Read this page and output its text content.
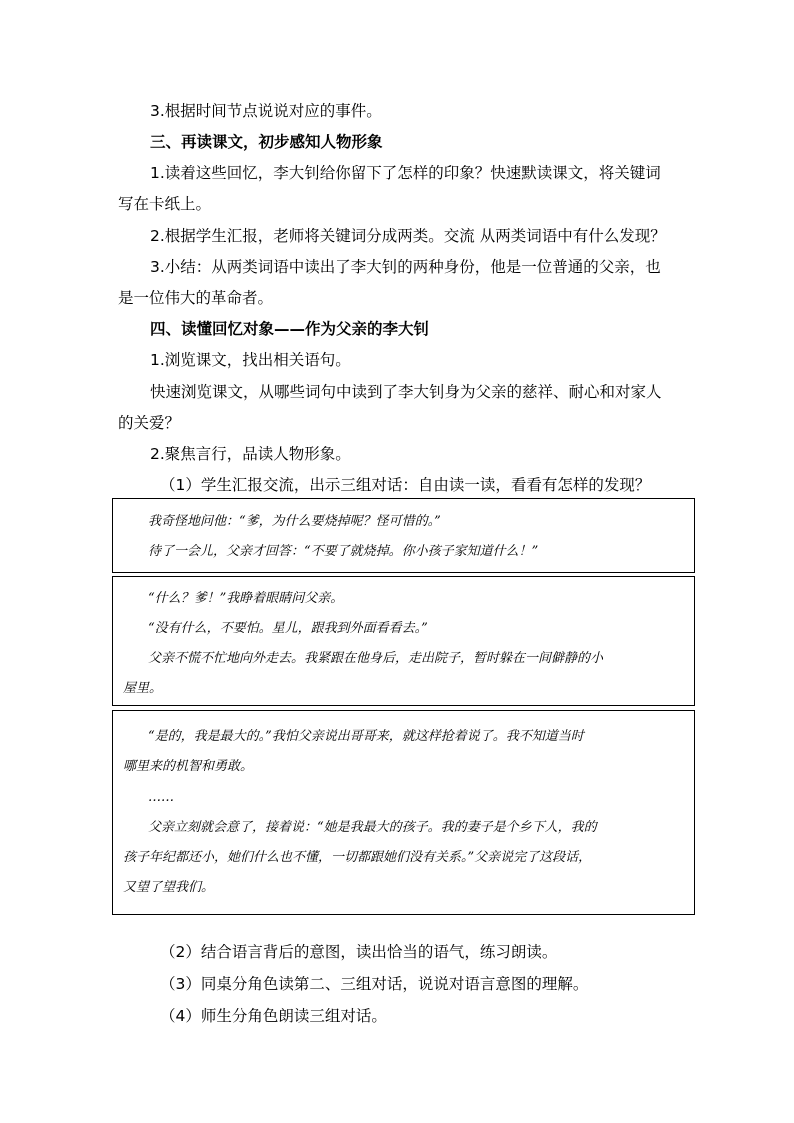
3.根据时间节点说说对应的事件。
三、再读课文，初步感知人物形象
1.读着这些回忆，李大钊给你留下了怎样的印象？快速默读课文，将关键词
写在卡纸上。
2.根据学生汇报，老师将关键词分成两类。交流 从两类词语中有什么发现？
3.小结：从两类词语中读出了李大钊的两种身份，他是一位普通的父亲，也
是一位伟大的革命者。
四、读懂回忆对象——作为父亲的李大钊
1.浏览课文，找出相关语句。
快速浏览课文，从哪些词句中读到了李大钊身为父亲的慈祥、耐心和对家人
的关爱？
2.聚焦言行，品读人物形象。
（1）学生汇报交流，出示三组对话：自由读一读，看看有怎样的发现？
我奇怪地问他：“爹，为什么要烧掉呢？怪可惜的。”
待了一会儿，父亲才回答：“不要了就烧掉。你小孩子家知道什么！”
“什么？爹！”我睁着眼睛问父亲。
“没有什么，不要怕。星儿，跟我到外面看看去。”
父亲不慌不忙地向外走去。我紧跟在他身后，走出院子，暂时躲在一间僻静的小
屋里。
“是的，我是最大的。”我怕父亲说出哥哥来，就这样抢着说了。我不知道当时
哪里来的机智和勇敢。
……
父亲立刻就会意了，接着说：“她是我最大的孩子。我的妻子是个乡下人，我的
孩子年纪都还小，她们什么也不懂，一切都跟她们没有关系。”父亲说完了这段话，
又望了望我们。
（2）结合语言背后的意图，读出恰当的语气，练习朗读。
（3）同桌分角色读第二、三组对话，说说对语言意图的理解。
（4）师生分角色朗读三组对话。
